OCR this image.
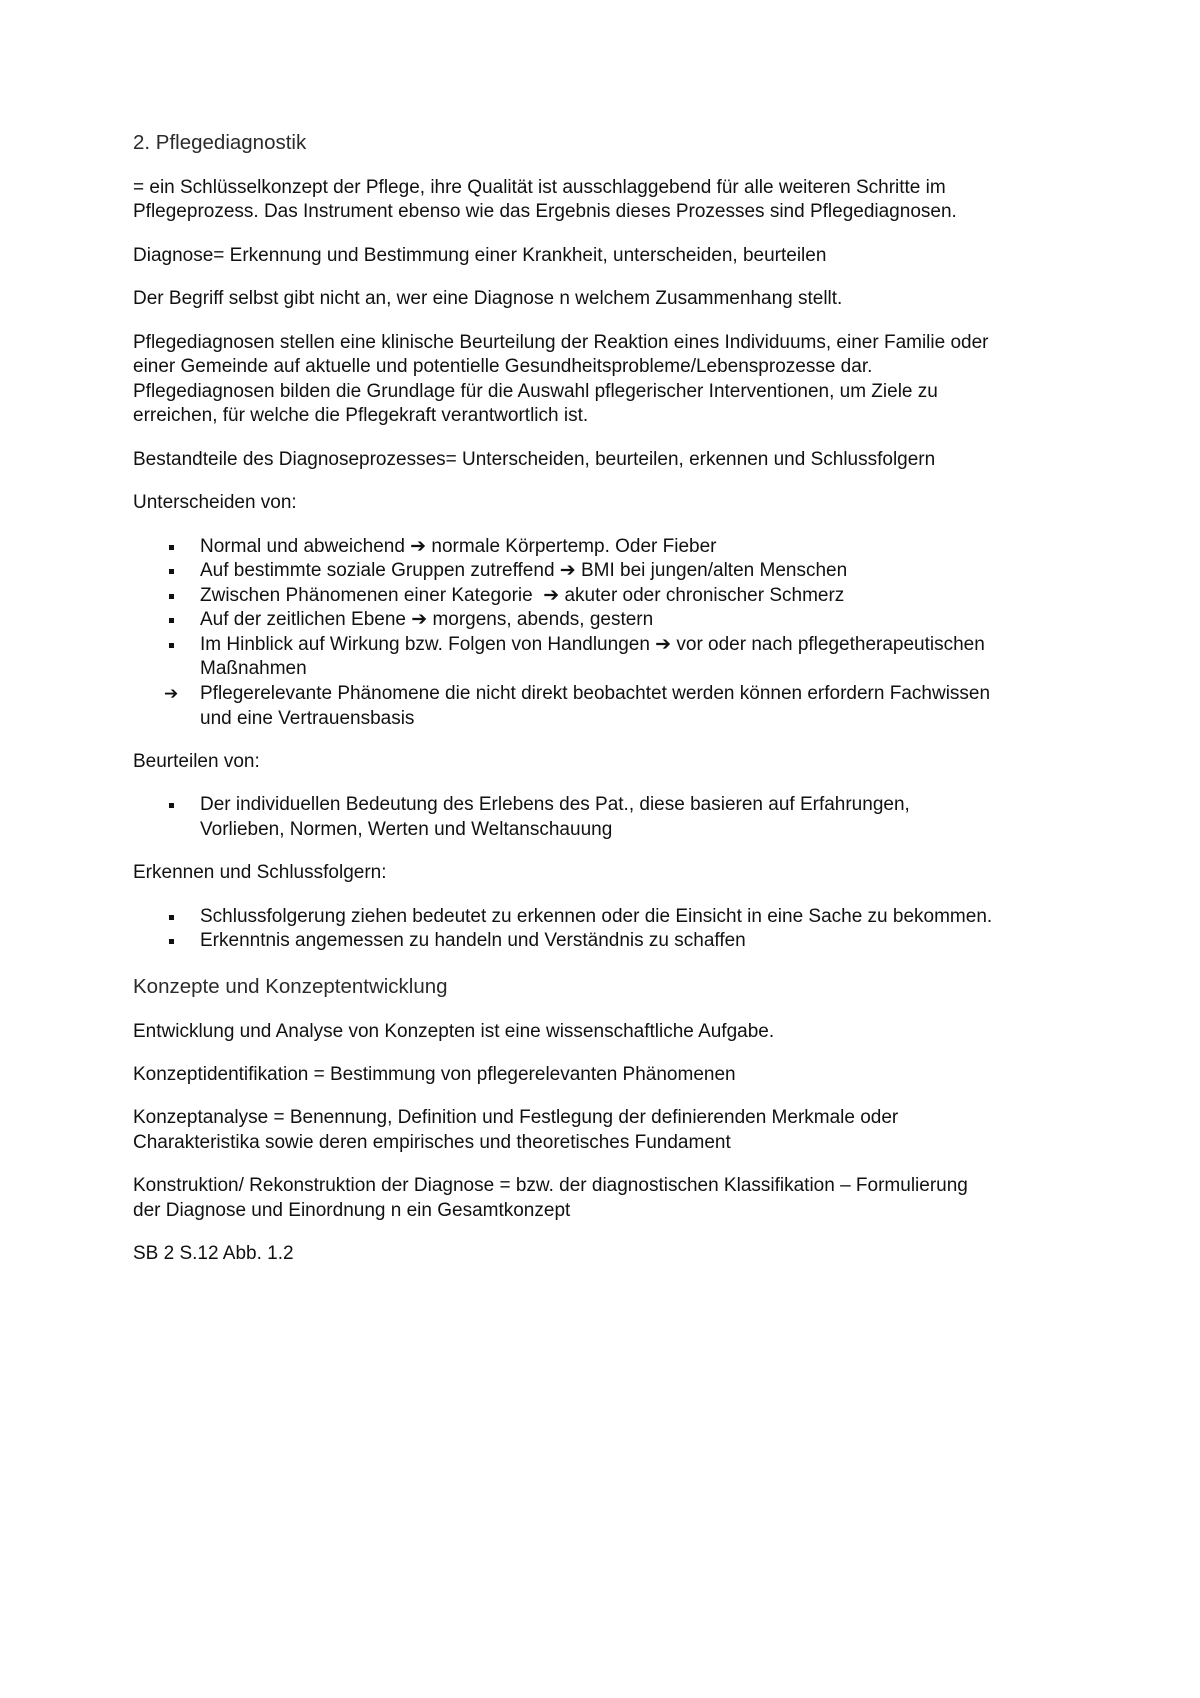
2. Pflegediagnostik

= ein Schlüsselkonzept der Pflege, ihre Qualität ist ausschlaggebend für alle weiteren Schritte im
Pflegeprozess. Das Instrument ebenso wie das Ergebnis dieses Prozesses sind Pflegediagnosen.

Diagnose= Erkennung und Bestimmung einer Krankheit, unterscheiden, beurteilen

Der Begriff selbst gibt nicht an, wer eine Diagnose n welchem Zusammenhang stellt.

Pflegediagnosen stellen eine klinische Beurteilung der Reaktion eines Individuums, einer Familie oder
einer Gemeinde auf aktuelle und potentielle Gesundheitsprobleme/Lebensprozesse dar.
Pflegediagnosen bilden die Grundlage für die Auswahl pflegerischer Interventionen, um Ziele zu
erreichen, für welche die Pflegekraft verantwortlich ist.

Bestandteile des Diagnoseprozesses= Unterscheiden, beurteilen, erkennen und Schlussfolgern

Unterscheiden von:

Normal und abweichend ➔ normale Körpertemp. Oder Fieber
Auf bestimmte soziale Gruppen zutreffend ➔ BMI bei jungen/alten Menschen
Zwischen Phänomenen einer Kategorie  ➔ akuter oder chronischer Schmerz
Auf der zeitlichen Ebene ➔ morgens, abends, gestern
Im Hinblick auf Wirkung bzw. Folgen von Handlungen ➔ vor oder nach pflegetherapeutischen
Maßnahmen
➔ Pflegerelevante Phänomene die nicht direkt beobachtet werden können erfordern Fachwissen
und eine Vertrauensbasis

Beurteilen von:

Der individuellen Bedeutung des Erlebens des Pat., diese basieren auf Erfahrungen,
Vorlieben, Normen, Werten und Weltanschauung

Erkennen und Schlussfolgern:

Schlussfolgerung ziehen bedeutet zu erkennen oder die Einsicht in eine Sache zu bekommen.
Erkenntnis angemessen zu handeln und Verständnis zu schaffen
Konzepte und Konzeptentwicklung

Entwicklung und Analyse von Konzepten ist eine wissenschaftliche Aufgabe.

Konzeptidentifikation = Bestimmung von pflegerelevanten Phänomenen

Konzeptanalyse = Benennung, Definition und Festlegung der definierenden Merkmale oder
Charakteristika sowie deren empirisches und theoretisches Fundament

Konstruktion/ Rekonstruktion der Diagnose = bzw. der diagnostischen Klassifikation – Formulierung
der Diagnose und Einordnung n ein Gesamtkonzept

SB 2 S.12 Abb. 1.2
